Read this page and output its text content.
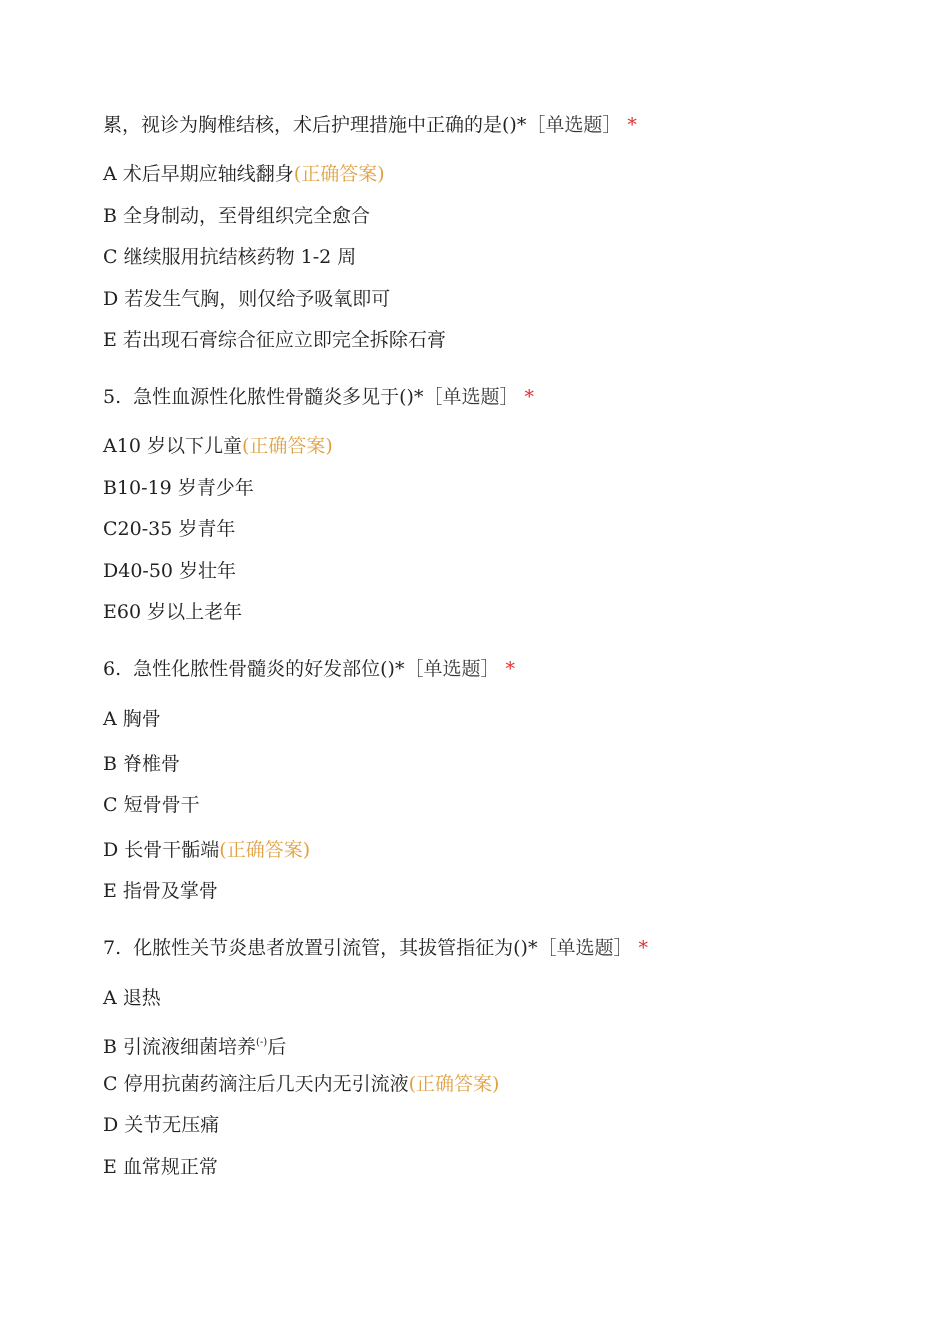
累，视诊为胸椎结核，术后护理措施中正确的是()*［单选题］ *
A 术后早期应轴线翻身(正确答案)
B 全身制动，至骨组织完全愈合
C 继续服用抗结核药物 1-2 周
D 若发生气胸，则仅给予吸氧即可
E 若出现石膏综合征应立即完全拆除石膏
5. 急性血源性化脓性骨髓炎多见于()*［单选题］ *
A10 岁以下儿童(正确答案)
B10-19 岁青少年
C20-35 岁青年
D40-50 岁壮年
E60 岁以上老年
6. 急性化脓性骨髓炎的好发部位()*［单选题］ *
A 胸骨
B 脊椎骨
C 短骨骨干
D 长骨干骺端(正确答案)
E 指骨及掌骨
7. 化脓性关节炎患者放置引流管，其拔管指征为()*［单选题］ *
A 退热
B 引流液细菌培养(-)后
C 停用抗菌药滴注后几天内无引流液(正确答案)
D 关节无压痛
E 血常规正常
